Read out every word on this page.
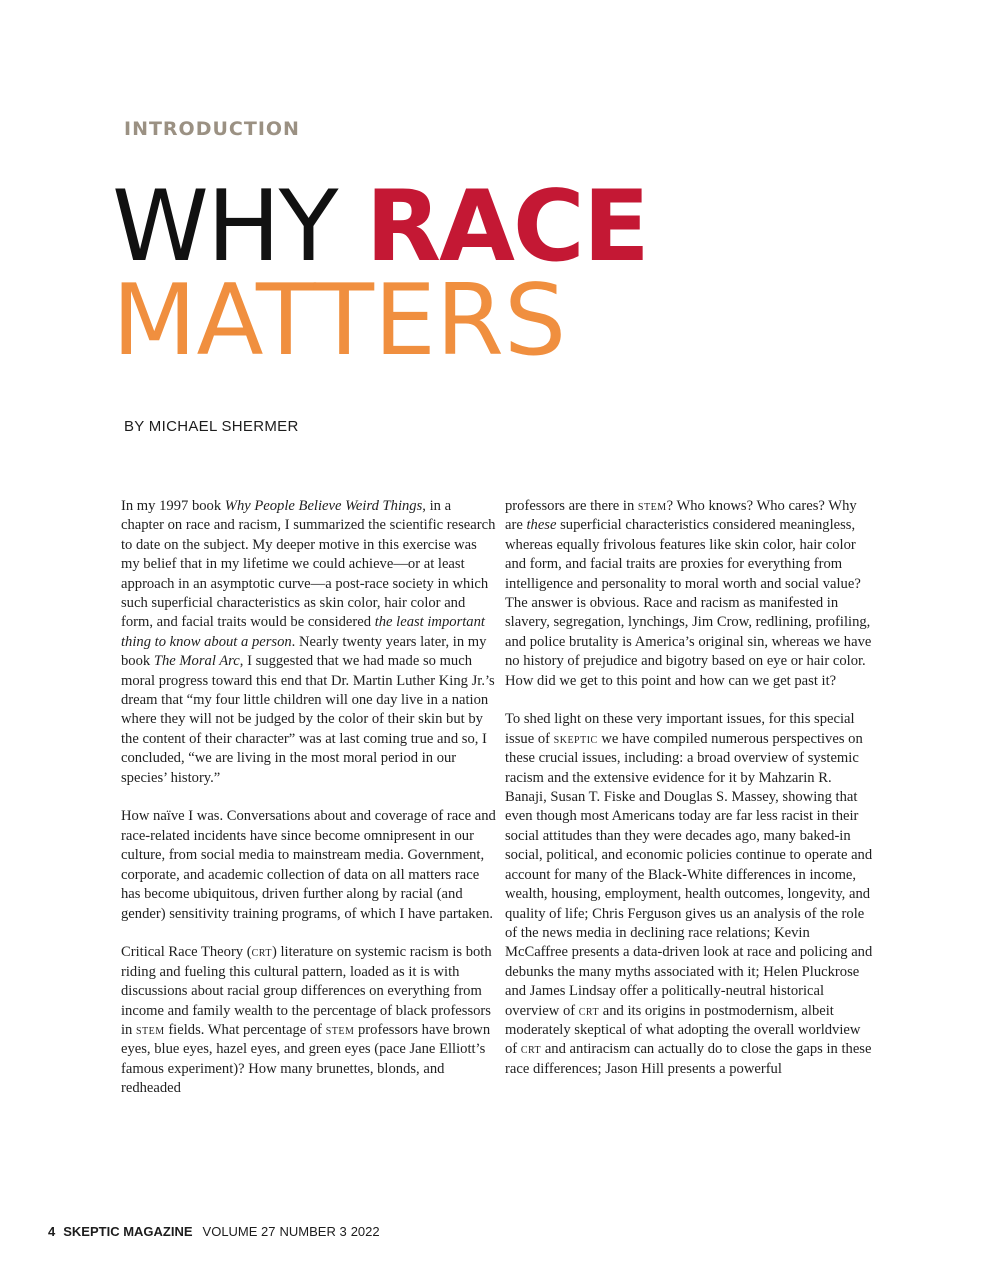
INTRODUCTION

WHY RACE
MATTERS

BY MICHAEL SHERMER

In my 1997 book Why People Believe Weird Things, in a chapter on race and racism, I summarized the scientific research to date on the subject. My deeper motive in this exercise was my belief that in my lifetime we could achieve—or at least approach in an asymptotic curve—a post-race society in which such superficial characteristics as skin color, hair color and form, and facial traits would be considered the least important thing to know about a person. Nearly twenty years later, in my book The Moral Arc, I suggested that we had made so much moral progress toward this end that Dr. Martin Luther King Jr.’s dream that “my four little children will one day live in a nation where they will not be judged by the color of their skin but by the content of their character” was at last coming true and so, I concluded, “we are living in the most moral period in our species’ history.”

How naïve I was. Conversations about and coverage of race and race-related incidents have since become omnipresent in our culture, from social media to mainstream media. Government, corporate, and academic collection of data on all matters race has become ubiquitous, driven further along by racial (and gender) sensitivity training programs, of which I have partaken.

Critical Race Theory (crt) literature on systemic racism is both riding and fueling this cultural pattern, loaded as it is with discussions about racial group differences on everything from income and family wealth to the percentage of black professors in stem fields. What percentage of stem professors have brown eyes, blue eyes, hazel eyes, and green eyes (pace Jane Elliott’s famous experiment)? How many brunettes, blonds, and redheaded

professors are there in stem? Who knows? Who cares? Why are these superficial characteristics considered meaningless, whereas equally frivolous features like skin color, hair color and form, and facial traits are proxies for everything from intelligence and personality to moral worth and social value? The answer is obvious. Race and racism as manifested in slavery, segregation, lynchings, Jim Crow, redlining, profiling, and police brutality is America’s original sin, whereas we have no history of prejudice and bigotry based on eye or hair color. How did we get to this point and how can we get past it?

To shed light on these very important issues, for this special issue of skeptic we have compiled numerous perspectives on these crucial issues, including: a broad overview of systemic racism and the extensive evidence for it by Mahzarin R. Banaji, Susan T. Fiske and Douglas S. Massey, showing that even though most Americans today are far less racist in their social attitudes than they were decades ago, many baked-in social, political, and economic policies continue to operate and account for many of the Black-White differences in income, wealth, housing, employment, health outcomes, longevity, and quality of life; Chris Ferguson gives us an analysis of the role of the news media in declining race relations; Kevin McCaffree presents a data-driven look at race and policing and debunks the many myths associated with it; Helen Pluckrose and James Lindsay offer a politically-neutral historical overview of crt and its origins in postmodernism, albeit moderately skeptical of what adopting the overall worldview of crt and antiracism can actually do to close the gaps in these race differences; Jason Hill presents a powerful

4 SKEPTIC MAGAZINE VOLUME 27 NUMBER 3 2022
